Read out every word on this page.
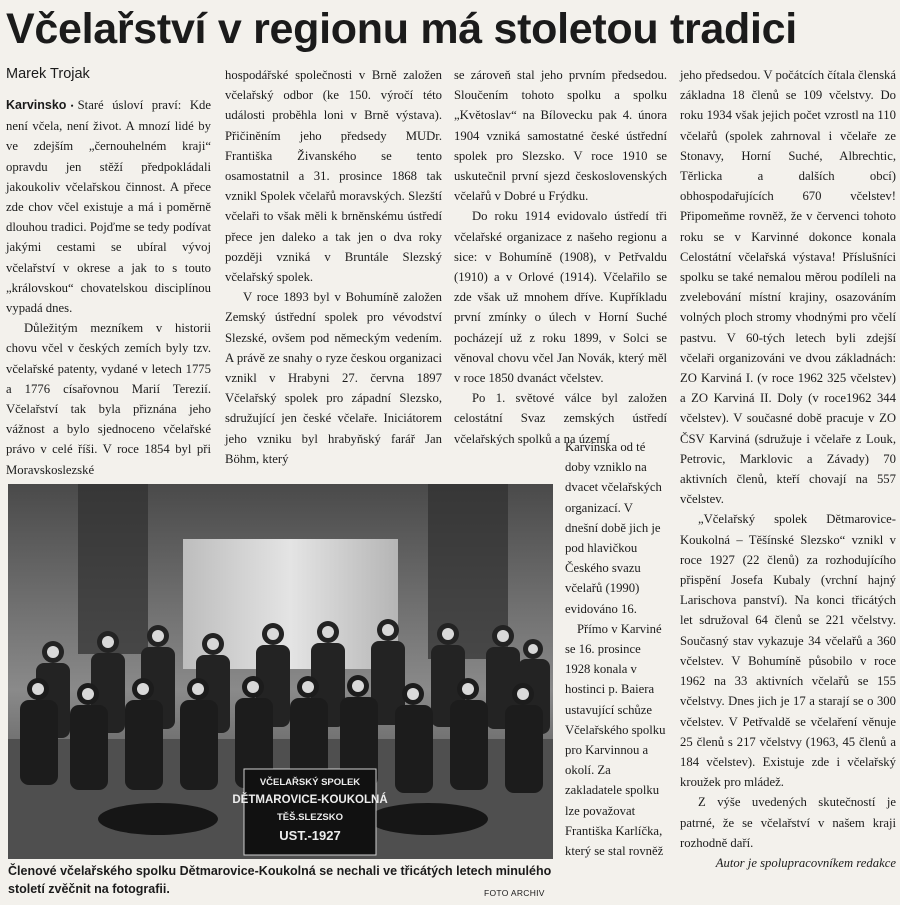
Včelařství v regionu má stoletou tradici
Marek Trojak

Karvinsko • Staré úsloví praví: Kde není včela, není život. A mnozí lidé by ve zdejším „černouhelném kraji“ opravdu jen stěží předpokládali jakoukoliv včelařskou činnost. A přece zde chov včel existuje a má i poměrně dlouhou tradici. Pojďme se tedy podívat jakými cestami se ubíral vývoj včelařství v okrese a jak to s touto „královskou“ chovatelskou disciplínou vypadá dnes.

Důležitým mezníkem v historii chovu včel v českých zemích byly tzv. včelařské patenty, vydané v letech 1775 a 1776 císařovnou Marií Terezií. Včelařství tak byla přiznána jeho vážnost a bylo sjednoceno včelařské právo v celé říši. V roce 1854 byl při Moravskoslezské

hospodářské společnosti v Brně založen včelařský odbor (ke 150. výročí této události proběhla loni v Brně výstava). Přičiněním jeho předsedy MUDr. Františka Živanského se tento osamostatnil a 31. prosince 1868 tak vznikl Spolek včelařů moravských. Slezští včelaři to však měli k brněnskému ústředí přece jen daleko a tak jen o dva roky později vzniká v Bruntále Slezský včelařský spolek.

V roce 1893 byl v Bohumíně založen Zemský ústřední spolek pro vévodství Slezské, ovšem pod německým vedením. A právě ze snahy o ryze českou organizaci vznikl v Hrabyni 27. června 1897 Včelařský spolek pro západní Slezsko, sdružující jen české včelaře. Iniciátorem jeho vzniku byl hrabyňský farář Jan Böhm, který

se zároveň stal jeho prvním předsedou. Sloučením tohoto spolku a spolku „Květoslav“ na Bílovecku pak 4. února 1904 vzniká samostatné české ústřední spolek pro Slezsko. V roce 1910 se uskutečnil první sjezd československých včelařů v Dobré u Frýdku.

Do roku 1914 evidovalo ústředí tři včelařské organizace z našeho regionu a sice: v Bohumíně (1908), v Petřvaldu (1910) a v Orlové (1914). Včelařilo se zde však už mnohem dříve. Kupříkladu první zmínky o úlech v Horní Suché pocházejí už z roku 1899, v Solci se věnoval chovu včel Jan Novák, který měl v roce 1850 dvanáct včelstev.

Po 1. světové válce byl založen celostátní Svaz zemských ústředí včelařských spolků a na území

Karvinska od té doby vzniklo na dvacet včelařských organizací. V dnešní době jich je pod hlavičkou Českého svazu včelařů (1990) evidováno 16.

Přímo v Karviné se 16. prosince 1928 konala v hostinci p. Baiera ustavující schůze Včelařského spolku pro Karvinnou a okolí. Za zakladatele spolku lze považovat Františka Karlíčka, který se stal rovněž

jeho předsedou. V počátcích čítala členská základna 18 členů se 109 včelstvy. Do roku 1934 však jejich počet vzrostl na 110 včelařů (spolek zahrnoval i včelaře ze Stonavy, Horní Suché, Albrechtic, Těrlicka a dalších obcí) obhospodařujících 670 včelstev! Připomeňme rovněž, že v červenci tohoto roku se v Karvinné dokonce konala Celostátní včelařská výstava! Příslušníci spolku se také nemalou měrou podíleli na zvelebování místní krajiny, osazováním volných ploch stromy vhodnými pro včelí pastvu. V 60-tých letech byli zdejší včelaři organizováni ve dvou základnách: ZO Karviná I. (v roce 1962 325 včelstev) a ZO Karviná II. Doly (v roce1962 344 včelstev). V současné době pracuje v ZO ČSV Karviná (sdružuje i včelaře z Louk, Petrovic, Marklovic a Závady) 70 aktivních členů, kteří chovají na 557 včelstev.

„Včelařský spolek Dětmarovice-Koukolná – Těšínské Slezsko“ vznikl v roce 1927 (22 členů) za rozhodujícího přispění Josefa Kubaly (vrchní hajný Larischova panství). Na konci třicátých let sdružoval 64 členů se 221 včelstvy. Současný stav vykazuje 34 včelařů a 360 včelstev. V Bohumíně působilo v roce 1962 na 33 aktivních včelařů se 155 včelstvy. Dnes jich je 17 a starají se o 300 včelstev. V Petřvaldě se včelaření věnuje 25 členů s 217 včelstvy (1963, 45 členů a 184 včelstev). Existuje zde i včelařský kroužek pro mládež.

Z výše uvedených skutečností je patrné, že se včelařství v našem kraji rozhodně daří.

Autor je spolupracovníkem redakce

VČELAŘSKÝ SPOLEK
DĚTMAROVICE-KOUKOLNÁ
TĚŠ.SLEZSKO
UST.-1927
Členové včelařského spolku Dětmarovice-Koukolná se nechali ve třicátých letech minulého století zvěčnit na fotografii.	FOTO ARCHIV
